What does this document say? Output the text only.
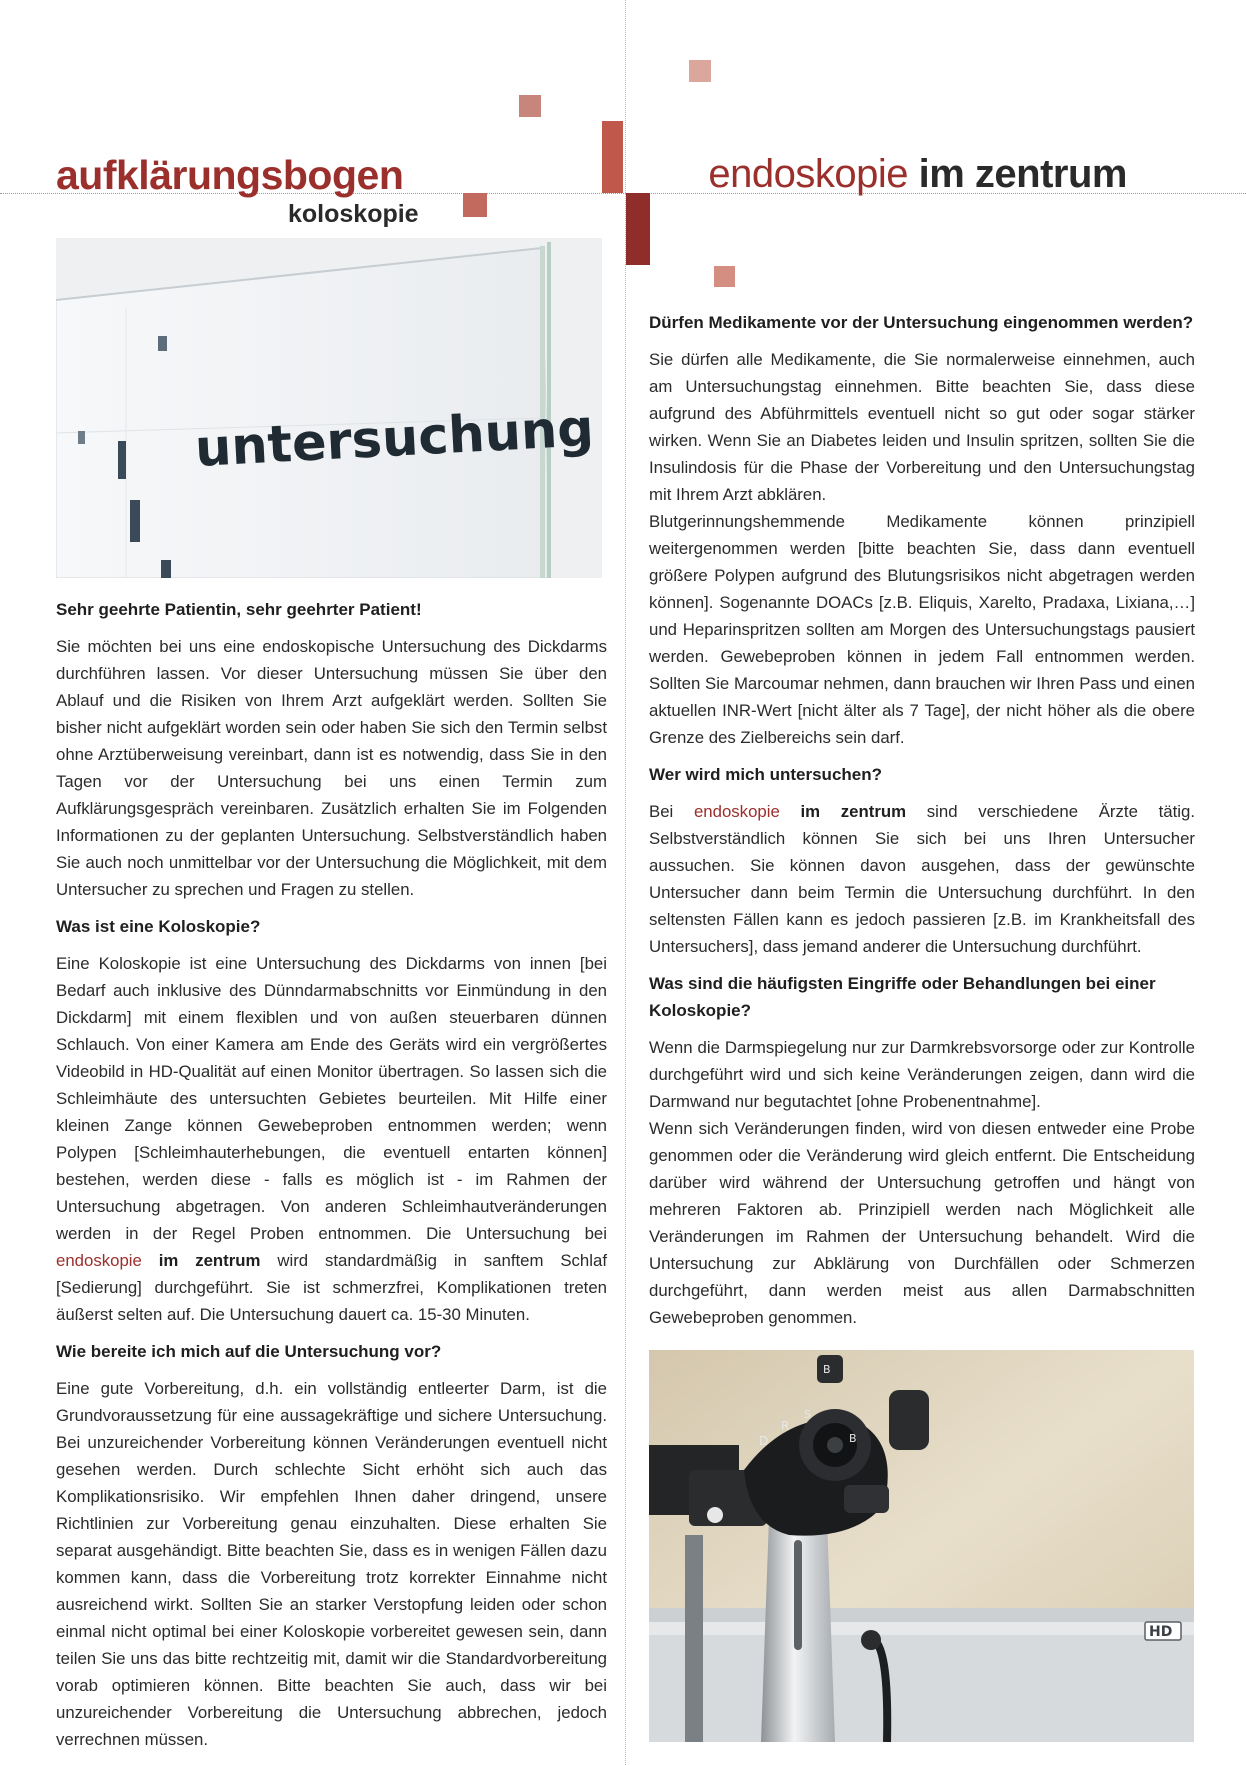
aufklärungsbogen
koloskopie
endoskopie im zentrum
untersuchung
Sehr geehrte Patientin, sehr geehrter Patient!

Sie möchten bei uns eine endoskopische Untersuchung des Dickdarms durchführen lassen. Vor dieser Untersuchung müssen Sie über den Ablauf und die Risiken von Ihrem Arzt aufgeklärt werden. Sollten Sie bisher nicht aufgeklärt worden sein oder haben Sie sich den Termin selbst ohne Arztüberweisung vereinbart, dann ist es notwendig, dass Sie in den Tagen vor der Untersuchung bei uns einen Termin zum Aufklärungsgespräch vereinbaren. Zusätzlich erhalten Sie im Folgenden Informationen zu der geplanten Untersuchung. Selbstverständlich haben Sie auch noch unmittelbar vor der Untersuchung die Möglichkeit, mit dem Untersucher zu sprechen und Fragen zu stellen.

Was ist eine Koloskopie?

Eine Koloskopie ist eine Untersuchung des Dickdarms von innen [bei Bedarf auch inklusive des Dünndarmabschnitts vor Einmündung in den Dickdarm] mit einem flexiblen und von außen steuerbaren dünnen Schlauch. Von einer Kamera am Ende des Geräts wird ein vergrößertes Videobild in HD-Qualität auf einen Monitor übertragen. So lassen sich die Schleimhäute des untersuchten Gebietes beurteilen. Mit Hilfe einer kleinen Zange können Gewebeproben entnommen werden; wenn Polypen [Schleimhauterhebungen, die eventuell entarten können] bestehen, werden diese - falls es möglich ist - im Rahmen der Untersuchung abgetragen. Von anderen Schleimhautveränderungen werden in der Regel Proben entnommen. Die Untersuchung bei endoskopie im zentrum wird standardmäßig in sanftem Schlaf [Sedierung] durchgeführt. Sie ist schmerzfrei, Komplikationen treten äußerst selten auf. Die Untersuchung dauert ca. 15-30 Minuten.

Wie bereite ich mich auf die Untersuchung vor?

Eine gute Vorbereitung, d.h. ein vollständig entleerter Darm, ist die Grundvoraussetzung für eine aussagekräftige und sichere Untersuchung. Bei unzureichender Vorbereitung können Veränderungen eventuell nicht gesehen werden. Durch schlechte Sicht erhöht sich auch das Komplikationsrisiko. Wir empfehlen Ihnen daher dringend, unsere Richtlinien zur Vorbereitung genau einzuhalten. Diese erhalten Sie separat ausgehändigt. Bitte beachten Sie, dass es in wenigen Fällen dazu kommen kann, dass die Vorbereitung trotz korrekter Einnahme nicht ausreichend wirkt. Sollten Sie an starker Verstopfung leiden oder schon einmal nicht optimal bei einer Koloskopie vorbereitet gewesen sein, dann teilen Sie uns das bitte rechtzeitig mit, damit wir die Standardvorbereitung vorab optimieren können. Bitte beachten Sie auch, dass wir bei unzureichender Vorbereitung die Untersuchung abbrechen, jedoch verrechnen müssen.

Dürfen Medikamente vor der Untersuchung eingenommen werden?

Sie dürfen alle Medikamente, die Sie normalerweise einnehmen, auch am Untersuchungstag einnehmen. Bitte beachten Sie, dass diese aufgrund des Abführmittels eventuell nicht so gut oder sogar stärker wirken. Wenn Sie an Diabetes leiden und Insulin spritzen, sollten Sie die Insulindosis für die Phase der Vorbereitung und den Untersuchungstag mit Ihrem Arzt abklären.

Blutgerinnungshemmende Medikamente können prinzipiell weitergenommen werden [bitte beachten Sie, dass dann eventuell größere Polypen aufgrund des Blutungsrisikos nicht abgetragen werden können]. Sogenannte DOACs [z.B. Eliquis, Xarelto, Pradaxa, Lixiana,…] und Heparinspritzen sollten am Morgen des Untersuchungstags pausiert werden. Gewebeproben können in jedem Fall entnommen werden. Sollten Sie Marcoumar nehmen, dann brauchen wir Ihren Pass und einen aktuellen INR-Wert [nicht älter als 7 Tage], der nicht höher als die obere Grenze des Zielbereichs sein darf.

Wer wird mich untersuchen?

Bei endoskopie im zentrum sind verschiedene Ärzte tätig. Selbstverständlich können Sie sich bei uns Ihren Untersucher aussuchen. Sie können davon ausgehen, dass der gewünschte Untersucher dann beim Termin die Untersuchung durchführt. In den seltensten Fällen kann es jedoch passieren [z.B. im Krankheitsfall des Untersuchers], dass jemand anderer die Untersuchung durchführt.

Was sind die häufigsten Eingriffe oder Behandlungen bei einer Koloskopie?

Wenn die Darmspiegelung nur zur Darmkrebsvorsorge oder zur Kontrolle durchgeführt wird und sich keine Veränderungen zeigen, dann wird die Darmwand nur begutachtet [ohne Probenentnahme].

Wenn sich Veränderungen finden, wird von diesen entweder eine Probe genommen oder die Veränderung wird gleich entfernt. Die Entscheidung darüber wird während der Untersuchung getroffen und hängt von mehreren Faktoren ab. Prinzipiell werden nach Möglichkeit alle Veränderungen im Rahmen der Untersuchung behandelt. Wird die Untersuchung zur Abklärung von Durchfällen oder Schmerzen durchgeführt, dann werden meist aus allen Darmabschnitten Gewebeproben genommen.

HD
B
D
R
S
B
